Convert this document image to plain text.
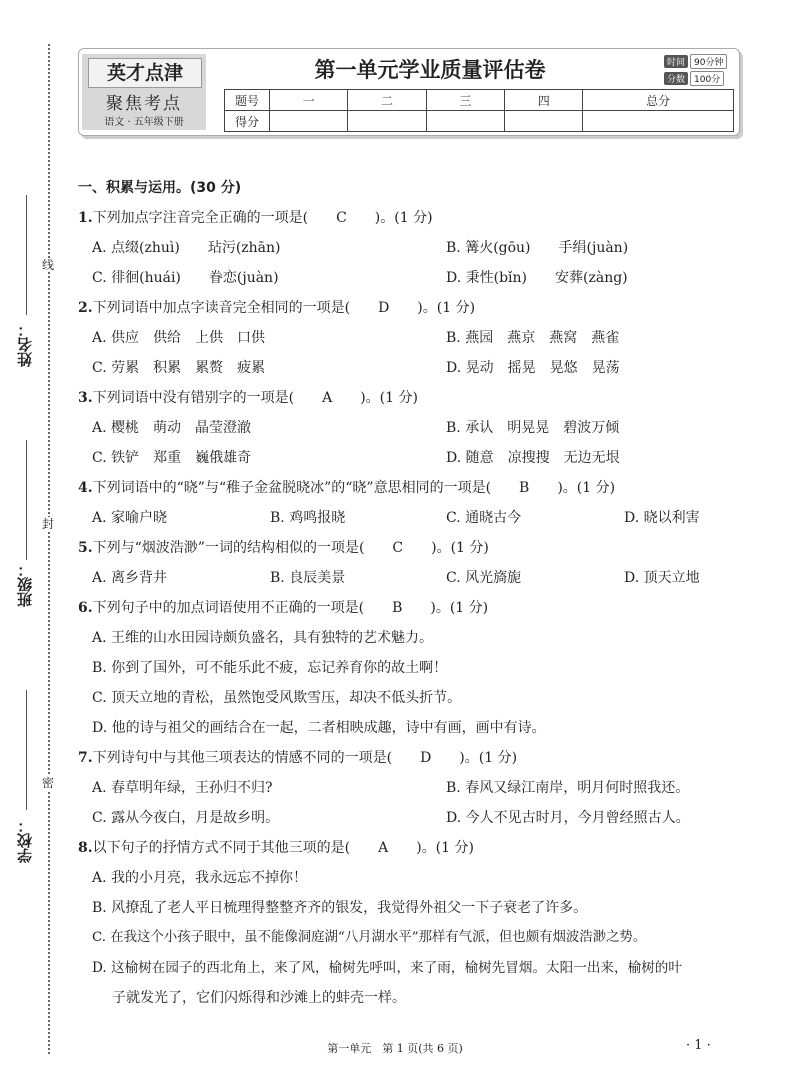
姓名：
班级：
学校：
线
封
密
英才点津
聚焦考点
语文 · 五年级下册
第一单元学业质量评估卷	时间 90分钟
分数 100分
题号	一	二	三	四	总分
得分					
一、积累与运用。(30 分)
1.下列加点字注音完全正确的一项是(　　C　　)。(1 分)
A. 点缀(zhuì)　　玷污(zhān)	B. 篝火(gōu)　　手绢(juàn)
C. 徘徊(huái)　　眷恋(juàn)	D. 秉性(bǐn)　　安葬(zàng)
2.下列词语中加点字读音完全相同的一项是(　　D　　)。(1 分)
A. 供应　供给　上供　口供	B. 燕园　燕京　燕窝　燕雀
C. 劳累　积累　累赘　疲累	D. 晃动　摇晃　晃悠　晃荡
3.下列词语中没有错别字的一项是(　　A　　)。(1 分)
A. 樱桃　萌动　晶莹澄澈	B. 承认　明晃晃　碧波万倾
C. 铁铲　郑重　巍俄雄奇	D. 随意　凉搜搜　无边无垠
4.下列词语中的“晓”与“稚子金盆脱晓冰”的“晓”意思相同的一项是(　　B　　)。(1 分)
A. 家喻户晓	B. 鸡鸣报晓	C. 通晓古今	D. 晓以利害
5.下列与“烟波浩渺”一词的结构相似的一项是(　　C　　)。(1 分)
A. 离乡背井	B. 良辰美景	C. 风光旖旎	D. 顶天立地
6.下列句子中的加点词语使用不正确的一项是(　　B　　)。(1 分)
A. 王维的山水田园诗颇负盛名，具有独特的艺术魅力。
B. 你到了国外，可不能乐此不疲，忘记养育你的故土啊！
C. 顶天立地的青松，虽然饱受风欺雪压，却决不低头折节。
D. 他的诗与祖父的画结合在一起，二者相映成趣，诗中有画，画中有诗。
7.下列诗句中与其他三项表达的情感不同的一项是(　　D　　)。(1 分)
A. 春草明年绿，王孙归不归?	B. 春风又绿江南岸，明月何时照我还。
C. 露从今夜白，月是故乡明。	D. 今人不见古时月，今月曾经照古人。
8.以下句子的抒情方式不同于其他三项的是(　　A　　)。(1 分)
A. 我的小月亮，我永远忘不掉你！
B. 风撩乱了老人平日梳理得整整齐齐的银发，我觉得外祖父一下子衰老了许多。
C. 在我这个小孩子眼中，虽不能像洞庭湖“八月湖水平”那样有气派，但也颇有烟波浩渺之势。
D. 这榆树在园子的西北角上，来了风，榆树先呼叫，来了雨，榆树先冒烟。太阳一出来，榆树的叶
子就发光了，它们闪烁得和沙滩上的蚌壳一样。
第一单元　第 1 页(共 6 页)	· 1 ·
